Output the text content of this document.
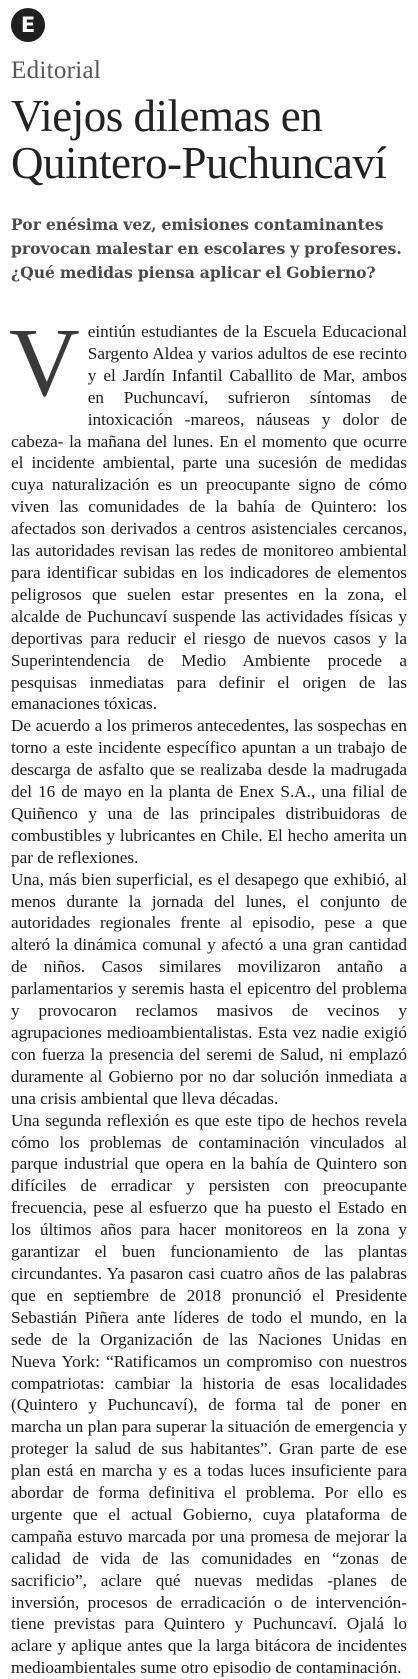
E
Editorial
Viejos dilemas en Quintero-Puchuncaví

Por enésima vez, emisiones contaminantes provocan malestar en escolares y profesores. ¿Qué medidas piensa aplicar el Gobierno?

Veintiún estudiantes de la Escuela Educacional Sargento Aldea y varios adultos de ese recinto y el Jardín Infantil Caballito de Mar, ambos en Puchuncaví, sufrieron síntomas de intoxicación -mareos, náuseas y dolor de cabeza- la mañana del lunes. En el momento que ocurre el incidente ambiental, parte una sucesión de medidas cuya naturalización es un preocupante signo de cómo viven las comunidades de la bahía de Quintero: los afectados son derivados a centros asistenciales cercanos, las autoridades revisan las redes de monitoreo ambiental para identificar subidas en los indicadores de elementos peligrosos que suelen estar presentes en la zona, el alcalde de Puchuncaví suspende las actividades físicas y deportivas para reducir el riesgo de nuevos casos y la Superintendencia de Medio Ambiente procede a pesquisas inmediatas para definir el origen de las emanaciones tóxicas.

De acuerdo a los primeros antecedentes, las sospechas en torno a este incidente específico apuntan a un trabajo de descarga de asfalto que se realizaba desde la madrugada del 16 de mayo en la planta de Enex S.A., una filial de Quiñenco y una de las principales distribuidoras de combustibles y lubricantes en Chile. El hecho amerita un par de reflexiones.

Una, más bien superficial, es el desapego que exhibió, al menos durante la jornada del lunes, el conjunto de autoridades regionales frente al episodio, pese a que alteró la dinámica comunal y afectó a una gran cantidad de niños. Casos similares movilizaron antaño a parlamentarios y seremis hasta el epicentro del problema y provocaron reclamos masivos de vecinos y agrupaciones medioambientalistas. Esta vez nadie exigió con fuerza la presencia del seremi de Salud, ni emplazó duramente al Gobierno por no dar solución inmediata a una crisis ambiental que lleva décadas.

Una segunda reflexión es que este tipo de hechos revela cómo los problemas de contaminación vinculados al parque industrial que opera en la bahía de Quintero son difíciles de erradicar y persisten con preocupante frecuencia, pese al esfuerzo que ha puesto el Estado en los últimos años para hacer monitoreos en la zona y garantizar el buen funcionamiento de las plantas circundantes. Ya pasaron casi cuatro años de las palabras que en septiembre de 2018 pronunció el Presidente Sebastián Piñera ante líderes de todo el mundo, en la sede de la Organización de las Naciones Unidas en Nueva York: “Ratificamos un compromiso con nuestros compatriotas: cambiar la historia de esas localidades (Quintero y Puchuncaví), de forma tal de poner en marcha un plan para superar la situación de emergencia y proteger la salud de sus habitantes”. Gran parte de ese plan está en marcha y es a todas luces insuficiente para abordar de forma definitiva el problema. Por ello es urgente que el actual Gobierno, cuya plataforma de campaña estuvo marcada por una promesa de mejorar la calidad de vida de las comunidades en “zonas de sacrificio”, aclare qué nuevas medidas -planes de inversión, procesos de erradicación o de intervención- tiene previstas para Quintero y Puchuncaví. Ojalá lo aclare y aplique antes que la larga bitácora de incidentes medioambientales sume otro episodio de contaminación.
